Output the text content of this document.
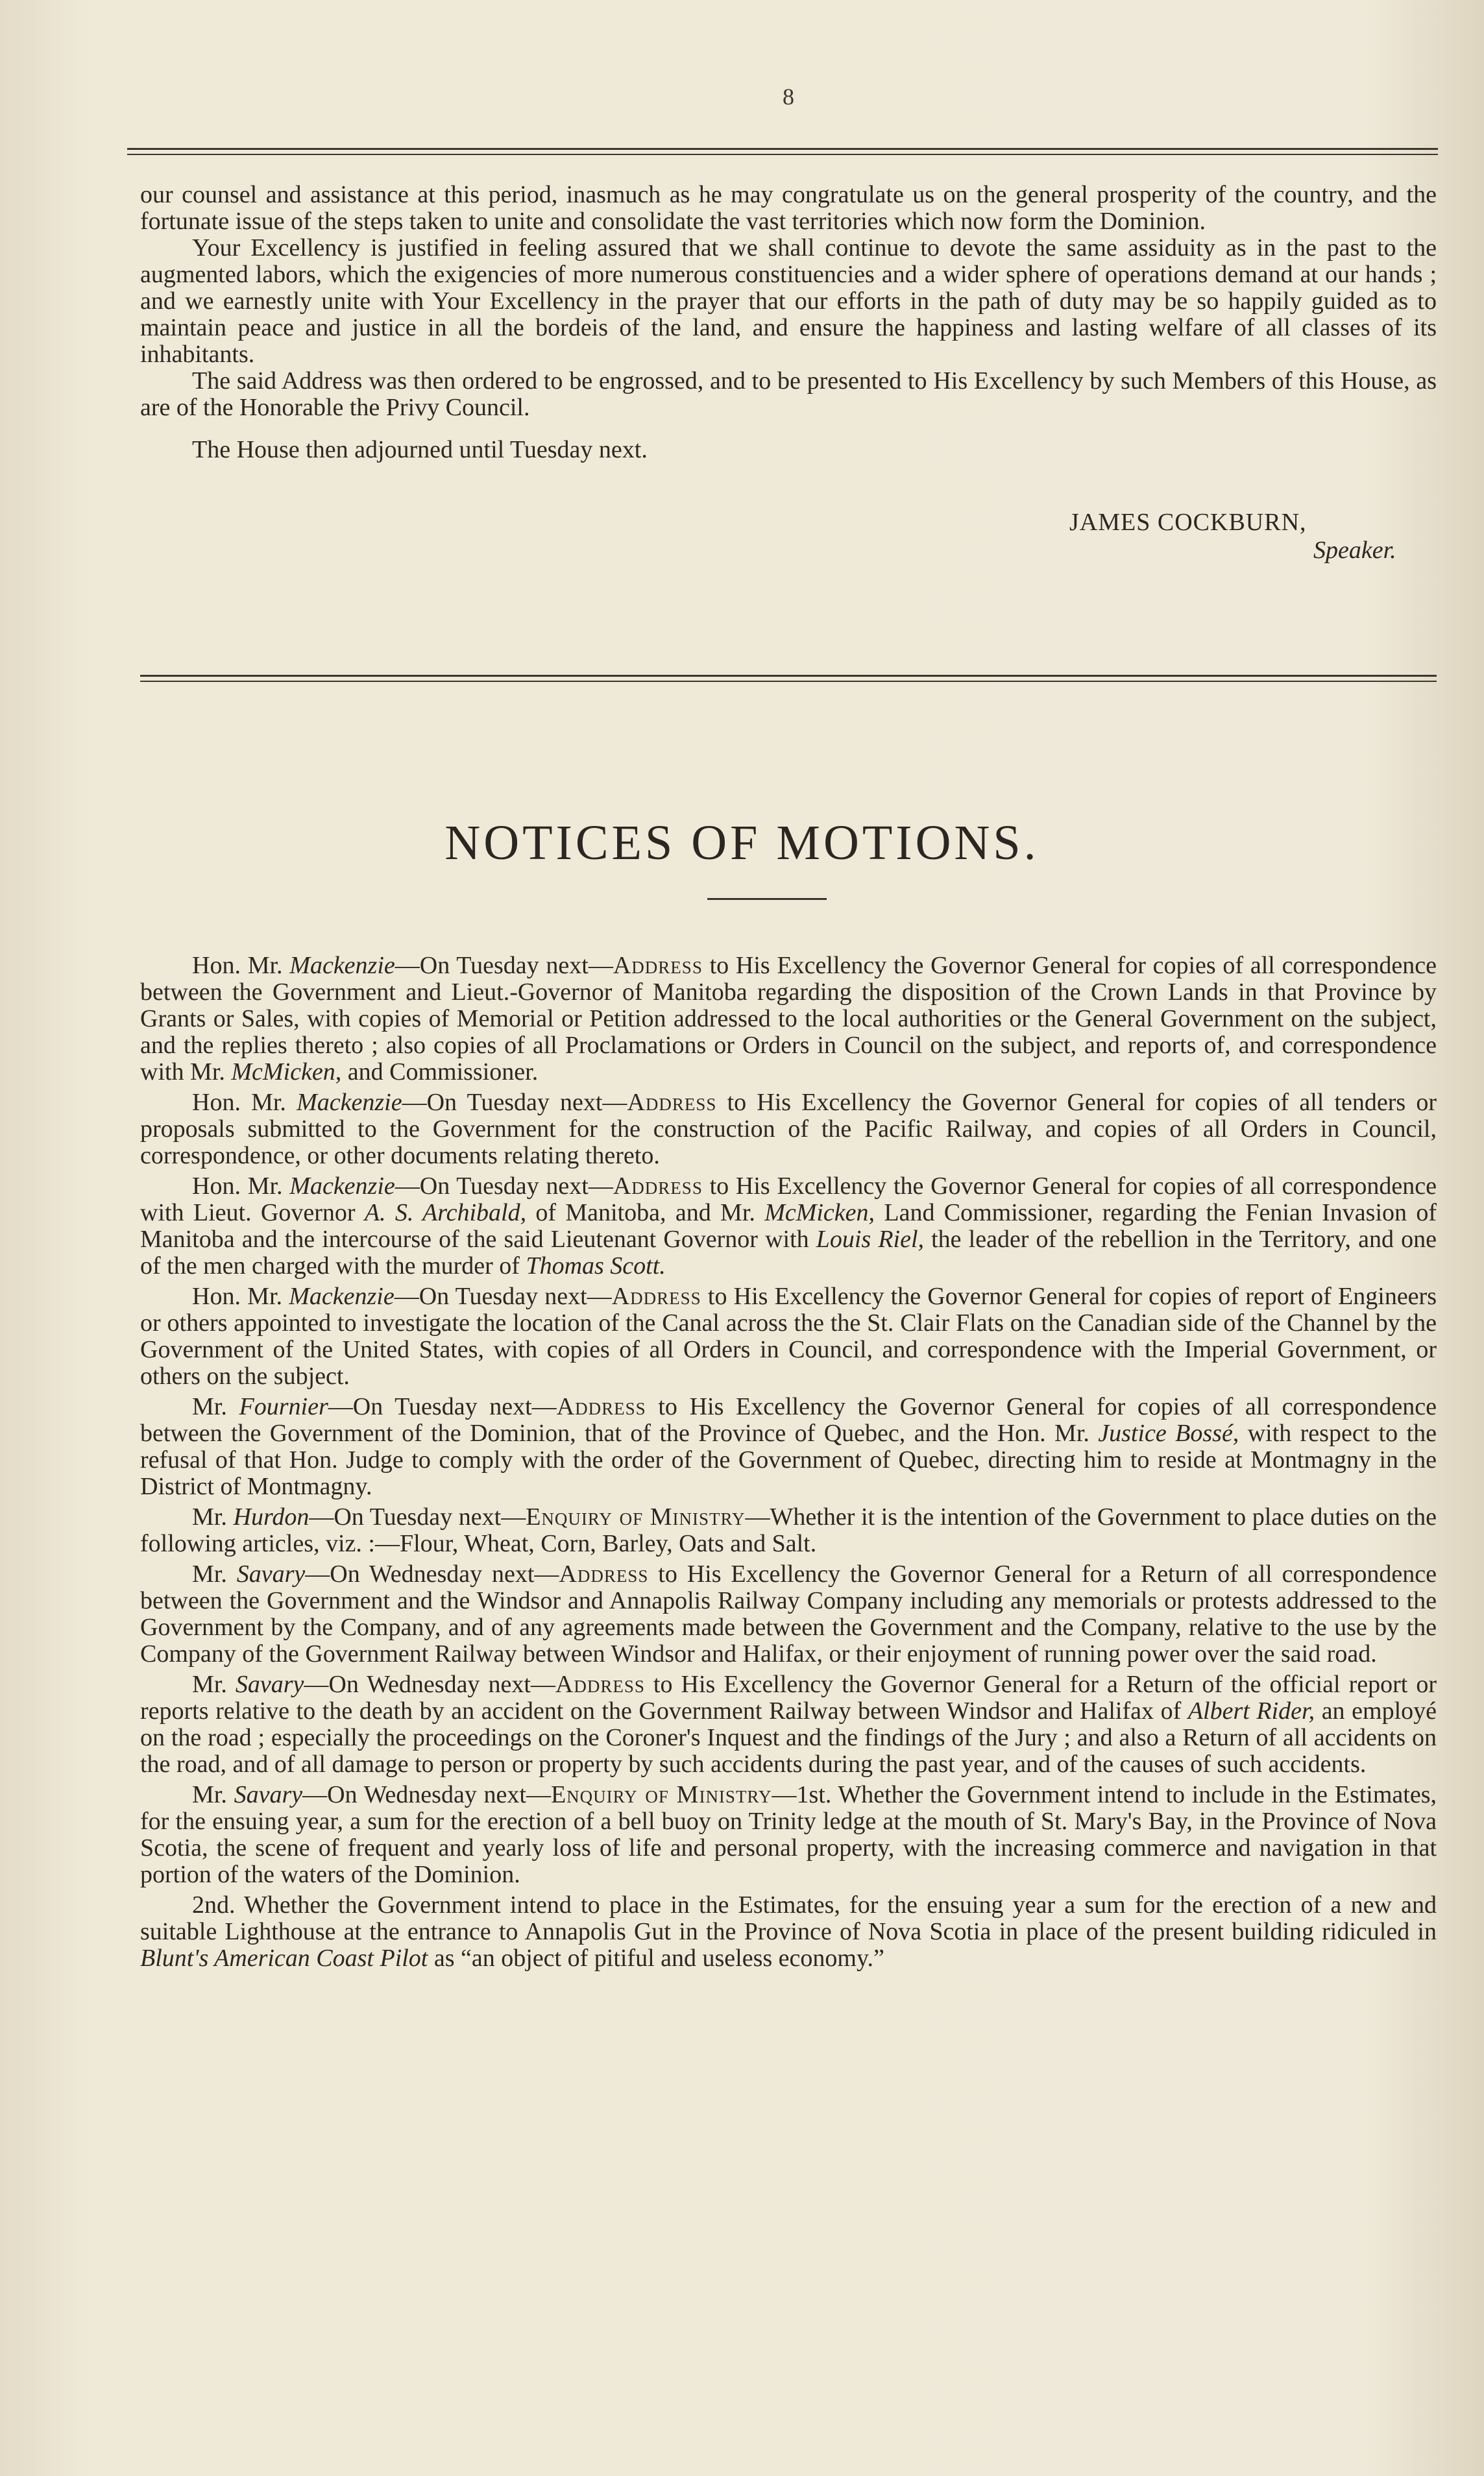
8

our counsel and assistance at this period, inasmuch as he may congratulate us on the general prosperity of the country, and the fortunate issue of the steps taken to unite and consolidate the vast territories which now form the Dominion.

Your Excellency is justified in feeling assured that we shall continue to devote the same assiduity as in the past to the augmented labors, which the exigencies of more numerous constituencies and a wider sphere of operations demand at our hands ; and we earnestly unite with Your Excellency in the prayer that our efforts in the path of duty may be so happily guided as to maintain peace and justice in all the bordeis of the land, and ensure the happiness and lasting welfare of all classes of its inhabitants.

The said Address was then ordered to be engrossed, and to be presented to His Excellency by such Members of this House, as are of the Honorable the Privy Council.

The House then adjourned until Tuesday next.

JAMES COCKBURN,
Speaker.
NOTICES OF MOTIONS.

Hon. Mr. Mackenzie—On Tuesday next—Address to His Excellency the Governor General for copies of all correspondence between the Government and Lieut.-Governor of Manitoba regarding the disposition of the Crown Lands in that Province by Grants or Sales, with copies of Memorial or Petition addressed to the local authorities or the General Government on the subject, and the replies thereto ; also copies of all Proclamations or Orders in Council on the subject, and reports of, and correspondence with Mr. McMicken, and Commissioner.

Hon. Mr. Mackenzie—On Tuesday next—Address to His Excellency the Governor General for copies of all tenders or proposals submitted to the Government for the construction of the Pacific Railway, and copies of all Orders in Council, correspondence, or other documents relating thereto.

Hon. Mr. Mackenzie—On Tuesday next—Address to His Excellency the Governor General for copies of all correspondence with Lieut. Governor A. S. Archibald, of Manitoba, and Mr. McMicken, Land Commissioner, regarding the Fenian Invasion of Manitoba and the intercourse of the said Lieutenant Governor with Louis Riel, the leader of the rebellion in the Territory, and one of the men charged with the murder of Thomas Scott.

Hon. Mr. Mackenzie—On Tuesday next—Address to His Excellency the Governor General for copies of report of Engineers or others appointed to investigate the location of the Canal across the the St. Clair Flats on the Canadian side of the Channel by the Government of the United States, with copies of all Orders in Council, and correspondence with the Imperial Government, or others on the subject.

Mr. Fournier—On Tuesday next—Address to His Excellency the Governor General for copies of all correspondence between the Government of the Dominion, that of the Province of Quebec, and the Hon. Mr. Justice Bossé, with respect to the refusal of that Hon. Judge to comply with the order of the Government of Quebec, directing him to reside at Montmagny in the District of Montmagny.

Mr. Hurdon—On Tuesday next—Enquiry of Ministry—Whether it is the intention of the Government to place duties on the following articles, viz. :—Flour, Wheat, Corn, Barley, Oats and Salt.

Mr. Savary—On Wednesday next—Address to His Excellency the Governor General for a Return of all correspondence between the Government and the Windsor and Annapolis Railway Company including any memorials or protests addressed to the Government by the Company, and of any agreements made between the Government and the Company, relative to the use by the Company of the Government Railway between Windsor and Halifax, or their enjoyment of running power over the said road.

Mr. Savary—On Wednesday next—Address to His Excellency the Governor General for a Return of the official report or reports relative to the death by an accident on the Government Railway between Windsor and Halifax of Albert Rider, an employé on the road ; especially the proceedings on the Coroner's Inquest and the findings of the Jury ; and also a Return of all accidents on the road, and of all damage to person or property by such accidents during the past year, and of the causes of such accidents.

Mr. Savary—On Wednesday next—Enquiry of Ministry—1st. Whether the Government intend to include in the Estimates, for the ensuing year, a sum for the erection of a bell buoy on Trinity ledge at the mouth of St. Mary's Bay, in the Province of Nova Scotia, the scene of frequent and yearly loss of life and personal property, with the increasing commerce and navigation in that portion of the waters of the Dominion.

2nd. Whether the Government intend to place in the Estimates, for the ensuing year a sum for the erection of a new and suitable Lighthouse at the entrance to Annapolis Gut in the Province of Nova Scotia in place of the present building ridiculed in Blunt's American Coast Pilot as “an object of pitiful and useless economy.”
